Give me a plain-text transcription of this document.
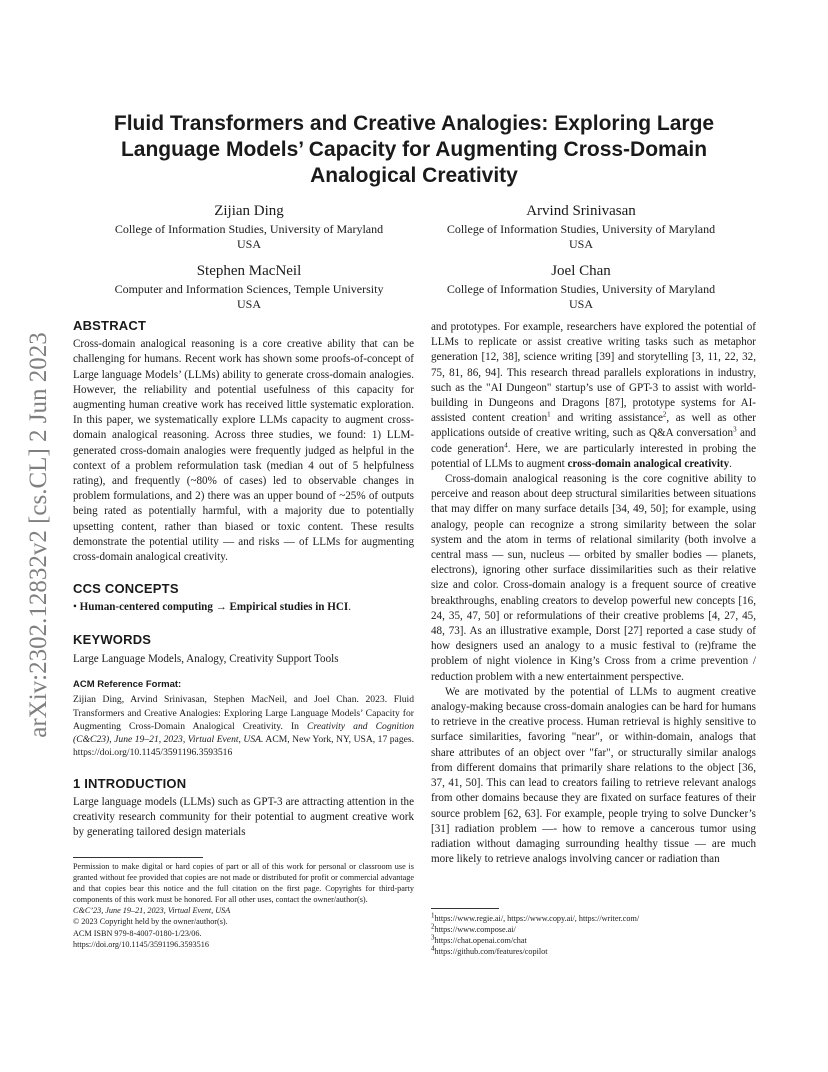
arXiv:2302.12832v2 [cs.CL] 2 Jun 2023
Fluid Transformers and Creative Analogies: Exploring Large
Language Models’ Capacity for Augmenting Cross-Domain
Analogical Creativity
Zijian Ding
College of Information Studies, University of Maryland
USA
Arvind Srinivasan
College of Information Studies, University of Maryland
USA
Stephen MacNeil
Computer and Information Sciences, Temple University
USA
Joel Chan
College of Information Studies, University of Maryland
USA
ABSTRACT

Cross-domain analogical reasoning is a core creative ability that can be challenging for humans. Recent work has shown some proofs-of-concept of Large language Models’ (LLMs) ability to generate cross-domain analogies. However, the reliability and potential usefulness of this capacity for augmenting human creative work has received little systematic exploration. In this paper, we systematically explore LLMs capacity to augment cross-domain analogical reasoning. Across three studies, we found: 1) LLM-generated cross-domain analogies were frequently judged as helpful in the context of a problem reformulation task (median 4 out of 5 helpfulness rating), and frequently (~80% of cases) led to observable changes in problem formulations, and 2) there was an upper bound of ~25% of outputs being rated as potentially harmful, with a majority due to potentially upsetting content, rather than biased or toxic content. These results demonstrate the potential utility — and risks — of LLMs for augmenting cross-domain analogical creativity.

CCS CONCEPTS

• Human-centered computing → Empirical studies in HCI.

KEYWORDS

Large Language Models, Analogy, Creativity Support Tools

ACM Reference Format:

Zijian Ding, Arvind Srinivasan, Stephen MacNeil, and Joel Chan. 2023. Fluid Transformers and Creative Analogies: Exploring Large Language Models’ Capacity for Augmenting Cross-Domain Analogical Creativity. In Creativity and Cognition (C&C23), June 19–21, 2023, Virtual Event, USA. ACM, New York, NY, USA, 17 pages. https://doi.org/10.1145/3591196.3593516

1 INTRODUCTION

Large language models (LLMs) such as GPT-3 are attracting attention in the creativity research community for their potential to augment creative work by generating tailored design materials

Permission to make digital or hard copies of part or all of this work for personal or classroom use is granted without fee provided that copies are not made or distributed for profit or commercial advantage and that copies bear this notice and the full citation on the first page. Copyrights for third-party components of this work must be honored. For all other uses, contact the owner/author(s).

C&C’23, June 19–21, 2023, Virtual Event, USA
© 2023 Copyright held by the owner/author(s).
ACM ISBN 979-8-4007-0180-1/23/06.
https://doi.org/10.1145/3591196.3593516

and prototypes. For example, researchers have explored the potential of LLMs to replicate or assist creative writing tasks such as metaphor generation [12, 38], science writing [39] and storytelling [3, 11, 22, 32, 75, 81, 86, 94]. This research thread parallels explorations in industry, such as the "AI Dungeon" startup’s use of GPT-3 to assist with world-building in Dungeons and Dragons [87], prototype systems for AI-assisted content creation$^1$ and writing assistance$^2$, as well as other applications outside of creative writing, such as Q&A conversation$^3$ and code generation$^4$. Here, we are particularly interested in probing the potential of LLMs to augment cross-domain analogical creativity.

Cross-domain analogical reasoning is the core cognitive ability to perceive and reason about deep structural similarities between situations that may differ on many surface details [34, 49, 50]; for example, using analogy, people can recognize a strong similarity between the solar system and the atom in terms of relational similarity (both involve a central mass — sun, nucleus — orbited by smaller bodies — planets, electrons), ignoring other surface dissimilarities such as their relative size and color. Cross-domain analogy is a frequent source of creative breakthroughs, enabling creators to develop powerful new concepts [16, 24, 35, 47, 50] or reformulations of their creative problems [4, 27, 45, 48, 73]. As an illustrative example, Dorst [27] reported a case study of how designers used an analogy to a music festival to (re)frame the problem of night violence in King’s Cross from a crime prevention / reduction problem with a new entertainment perspective.

We are motivated by the potential of LLMs to augment creative analogy-making because cross-domain analogies can be hard for humans to retrieve in the creative process. Human retrieval is highly sensitive to surface similarities, favoring "near", or within-domain, analogs that share attributes of an object over "far", or structurally similar analogs from different domains that primarily share relations to the object [36, 37, 41, 50]. This can lead to creators failing to retrieve relevant analogs from other domains because they are fixated on surface features of their source problem [62, 63]. For example, people trying to solve Duncker’s [31] radiation problem —- how to remove a cancerous tumor using radiation without damaging surrounding healthy tissue — are much more likely to retrieve analogs involving cancer or radiation than

$^1$https://www.regie.ai/, https://www.copy.ai/, https://writer.com/
$^2$https://www.compose.ai/
$^3$https://chat.openai.com/chat
$^4$https://github.com/features/copilot
